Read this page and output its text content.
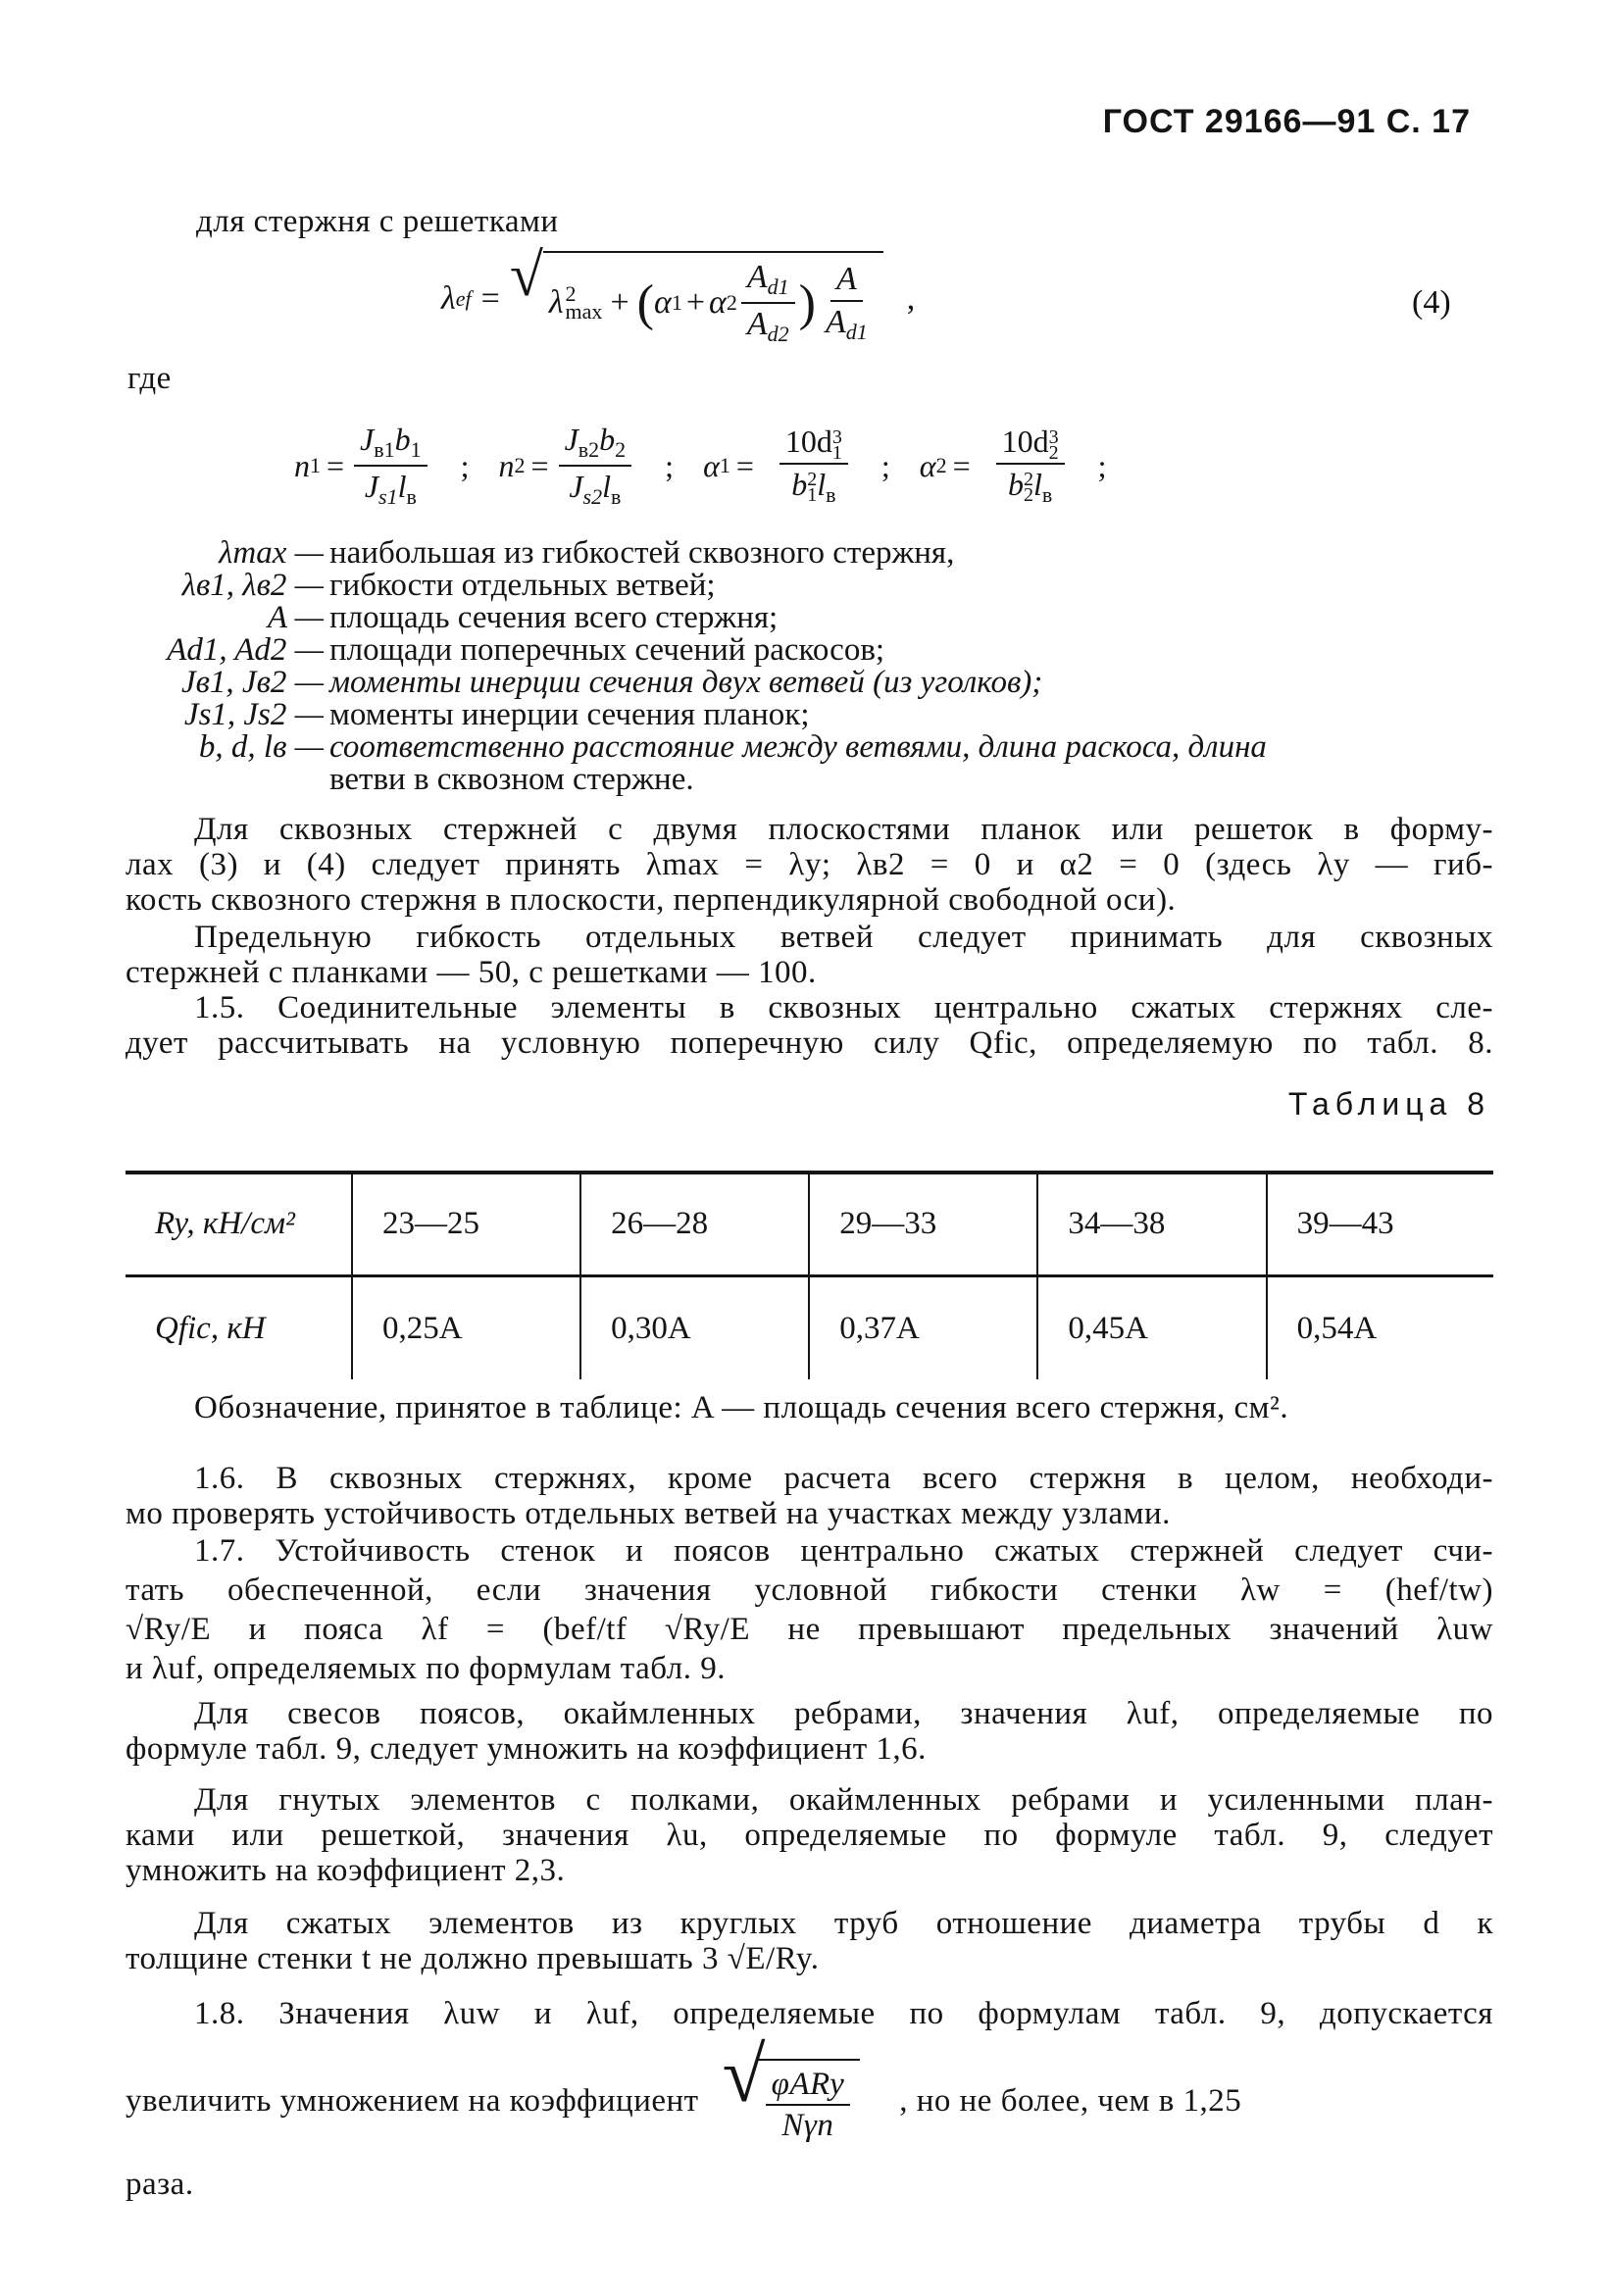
ГОСТ 29166—91 С. 17
для стержня с решетками
λ ef = √ λ 2
max + ( α 1 + α $2 \frac{A_{d1}}{A_{d2}}$ ) $\frac{A}{A_{d1}}$ ,	(4)
где
n $1 = \frac{J_{в1}b_1}{J_{s1}l_в}$ ; n $2 = \frac{J_{в2}b_2}{J_{s2}l_в}$ ; α 1 = 10d 3
1
b 2
1 $l_в$ ; α 2 = 10d 3
2
b 2
2 $l_в$ ;
λmax — наибольшая из гибкостей сквозного стержня,
λв1, λв2 — гибкости отдельных ветвей;
A — площадь сечения всего стержня;
Ad1, Ad2 — площади поперечных сечений раскосов;
Jв1, Jв2 — моменты инерции сечения двух ветвей (из уголков);
Js1, Js2 — моменты инерции сечения планок;
b, d, lв — соответственно расстояние между ветвями, длина раскоса, длина
ветви в сквозном стержне.
Для сквозных стержней с двумя плоскостями планок или решеток в форму-
лах (3) и (4) следует принять λmax = λy; λв2 = 0 и α2 = 0 (здесь λy — гиб-
кость сквозного стержня в плоскости, перпендикулярной свободной оси).
Предельную гибкость отдельных ветвей следует принимать для сквозных
стержней с планками — 50, с решетками — 100.
1.5. Соединительные элементы в сквозных центрально сжатых стержнях сле-
дует рассчитывать на условную поперечную силу Qfic, определяемую по табл. 8.
Таблица 8
Ry, кН/см²	23—25	26—28	29—33	34—38	39—43
Qfic, кН	0,25A	0,30A	0,37A	0,45A	0,54A
Обозначение, принятое в таблице: A — площадь сечения всего стержня, см².
1.6. В сквозных стержнях, кроме расчета всего стержня в целом, необходи-
мо проверять устойчивость отдельных ветвей на участках между узлами.
1.7. Устойчивость стенок и поясов центрально сжатых стержней следует счи-
тать обеспеченной, если значения условной гибкости стенки λw = (hef/tw)
√Ry/E и пояса λf = (bef/tf √Ry/E не превышают предельных значений λuw
и λuf, определяемых по формулам табл. 9.
Для свесов поясов, окаймленных ребрами, значения λuf, определяемые по
формуле табл. 9, следует умножить на коэффициент 1,6.
Для гнутых элементов с полками, окаймленных ребрами и усиленными план-
ками или решеткой, значения λu, определяемые по формуле табл. 9, следует
умножить на коэффициент 2,3.
Для сжатых элементов из круглых труб отношение диаметра трубы d к
толщине стенки t не должно превышать 3 √E/Ry.
1.8. Значения λuw и λuf, определяемые по формулам табл. 9, допускается
увеличить умножением на коэффициент √ $\frac{\text{φARy}}{\text{Nγn}}$ , но не более, чем в 1,25
раза.
